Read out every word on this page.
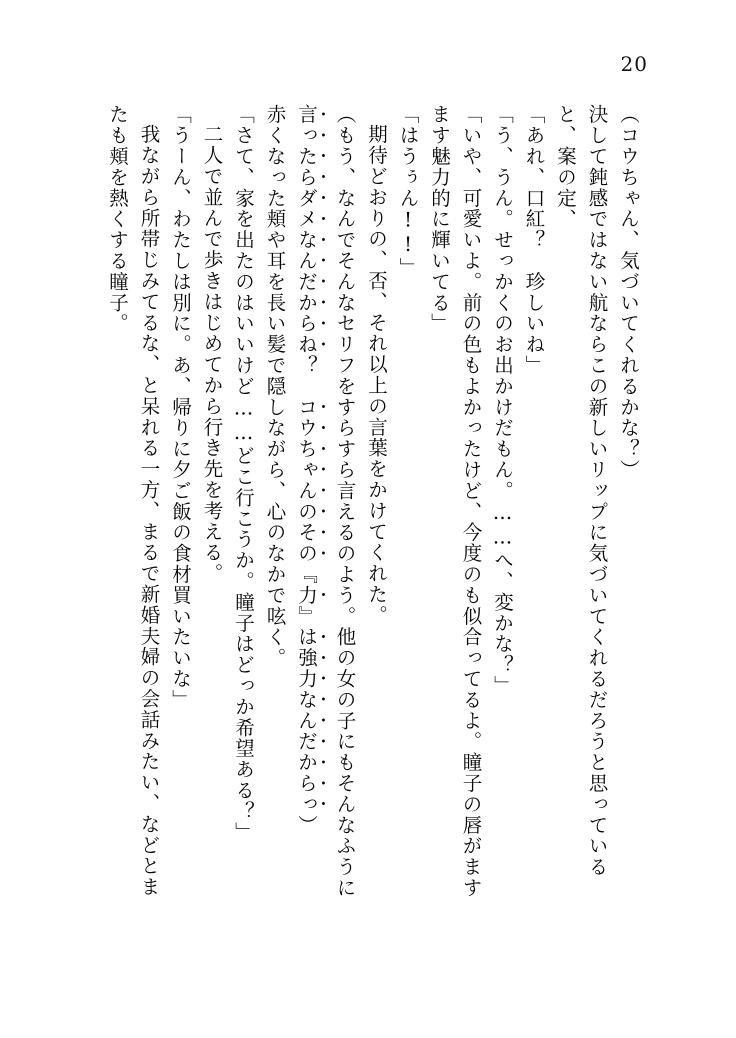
20

（コウちゃん、気づいてくれるかな？）

決して鈍感ではない航ならこの新しいリップに気づいてくれるだろうと思っている

と、案の定、

「あれ、口紅？　珍しいね」

「う、うん。せっかくのお出かけだもん。……へ、変かな？」

「いや、可愛いよ。前の色もよかったけど、今度のも似合ってるよ。瞳子の唇がます

ます魅力的に輝いてる」

「はうぅん!!」

期待どおりの、否、それ以上の言葉をかけてくれた。

（もう、なんでそんなセリフをすらすら言えるのよう。他の女の子にもそんなふうに

言ったらダメなんだからね？　コウちゃんのその『力』は強力なんだからっ）

赤くなった頬や耳を長い髪で隠しながら、心のなかで呟く。

「さて、家を出たのはいいけど……どこ行こうか。瞳子はどっか希望ある？」

二人で並んで歩きはじめてから行き先を考える。

「うーん、わたしは別に。あ、帰りに夕ご飯の食材買いたいな」

我ながら所帯じみてるな、と呆れる一方、まるで新婚夫婦の会話みたい、などとま

たも頬を熱くする瞳子。
